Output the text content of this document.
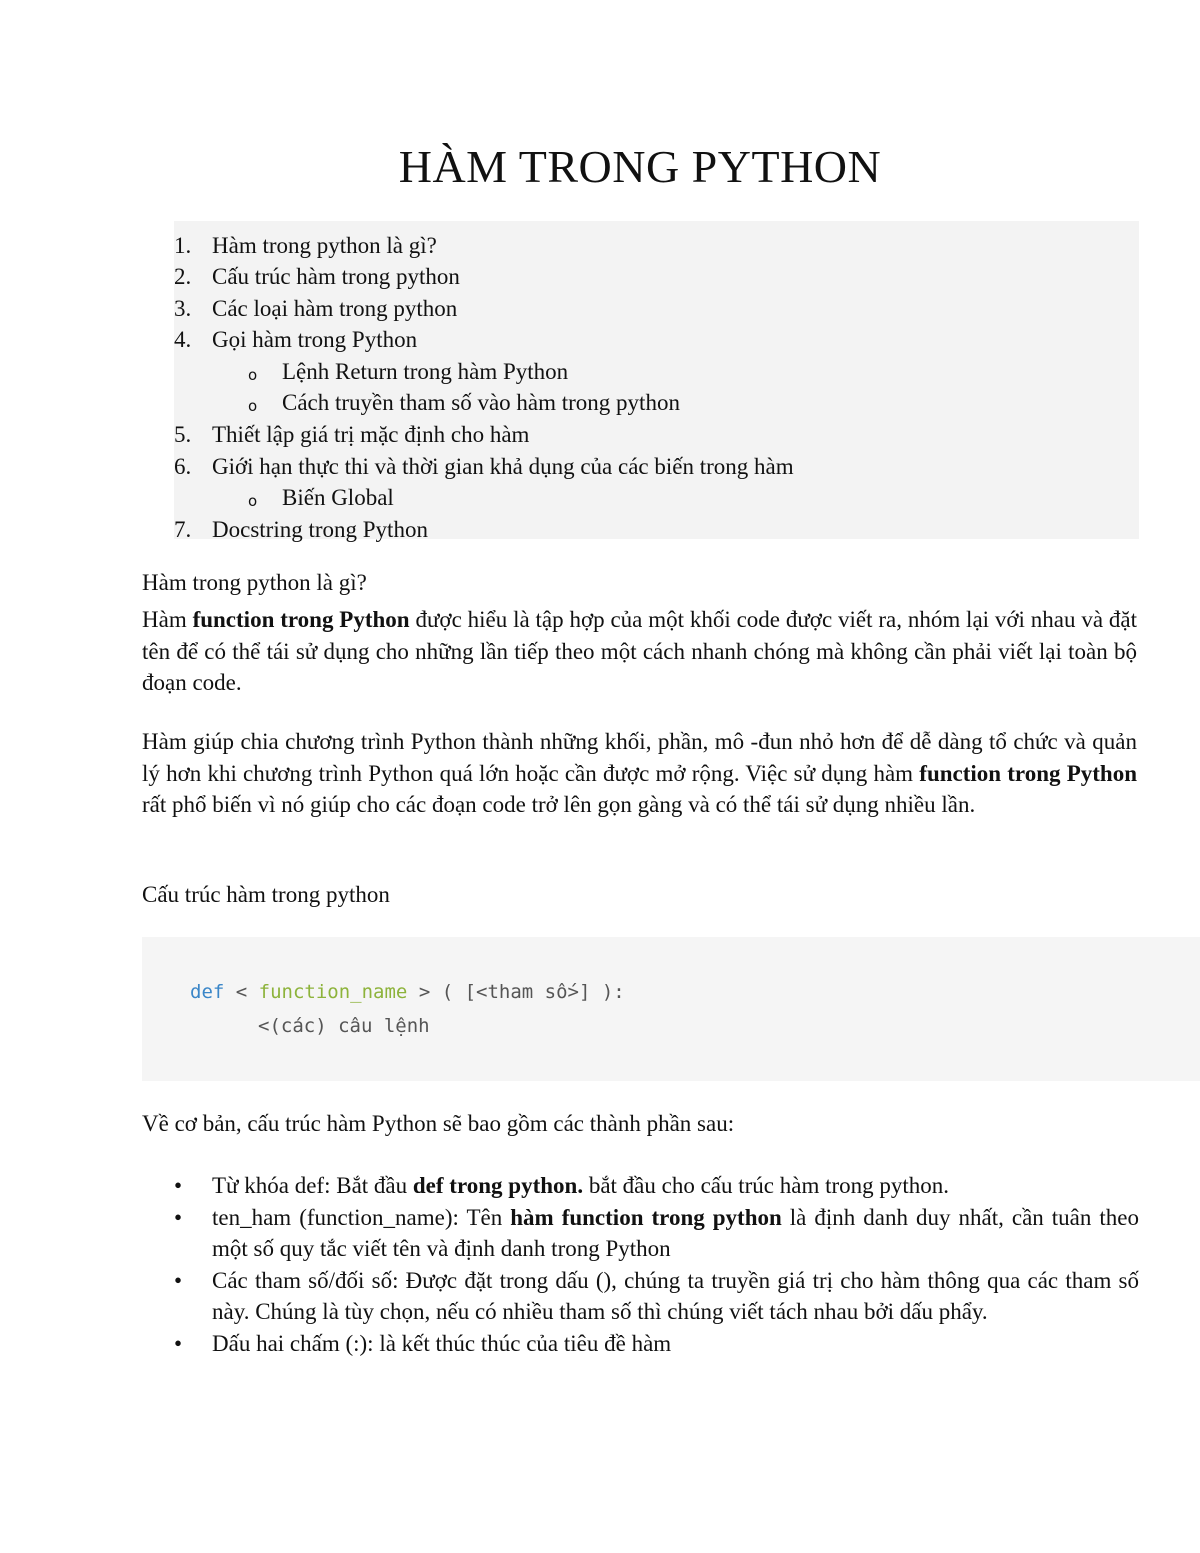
HÀM TRONG PYTHON
1. Hàm trong python là gì?
2. Cấu trúc hàm trong python
3. Các loại hàm trong python
4. Gọi hàm trong Python
o Lệnh Return trong hàm Python
o Cách truyền tham số vào hàm trong python
5. Thiết lập giá trị mặc định cho hàm
6. Giới hạn thực thi và thời gian khả dụng của các biến trong hàm
o Biến Global
7. Docstring trong Python
Hàm trong python là gì?

Hàm function trong Python được hiểu là tập hợp của một khối code được viết ra, nhóm lại với nhau và đặt tên để có thể tái sử dụng cho những lần tiếp theo một cách nhanh chóng mà không cần phải viết lại toàn bộ đoạn code.

Hàm giúp chia chương trình Python thành những khối, phần, mô -đun nhỏ hơn để dễ dàng tổ chức và quản lý hơn khi chương trình Python quá lớn hoặc cần được mở rộng. Việc sử dụng hàm function trong Python rất phổ biến vì nó giúp cho các đoạn code trở lên gọn gàng và có thể tái sử dụng nhiều lần.

Cấu trúc hàm trong python
def < function_name > ( [<tham số>] ):
<(các) câu lệnh

Về cơ bản, cấu trúc hàm Python sẽ bao gồm các thành phần sau:

• Từ khóa def: Bắt đầu def trong python. bắt đầu cho cấu trúc hàm trong python.
• ten_ham (function_name): Tên hàm function trong python là định danh duy nhất, cần tuân theo một số quy tắc viết tên và định danh trong Python
• Các tham số/đối số: Được đặt trong dấu (), chúng ta truyền giá trị cho hàm thông qua các tham số này. Chúng là tùy chọn, nếu có nhiều tham số thì chúng viết tách nhau bởi dấu phẩy.
• Dấu hai chấm (:): là kết thúc thúc của tiêu đề hàm
